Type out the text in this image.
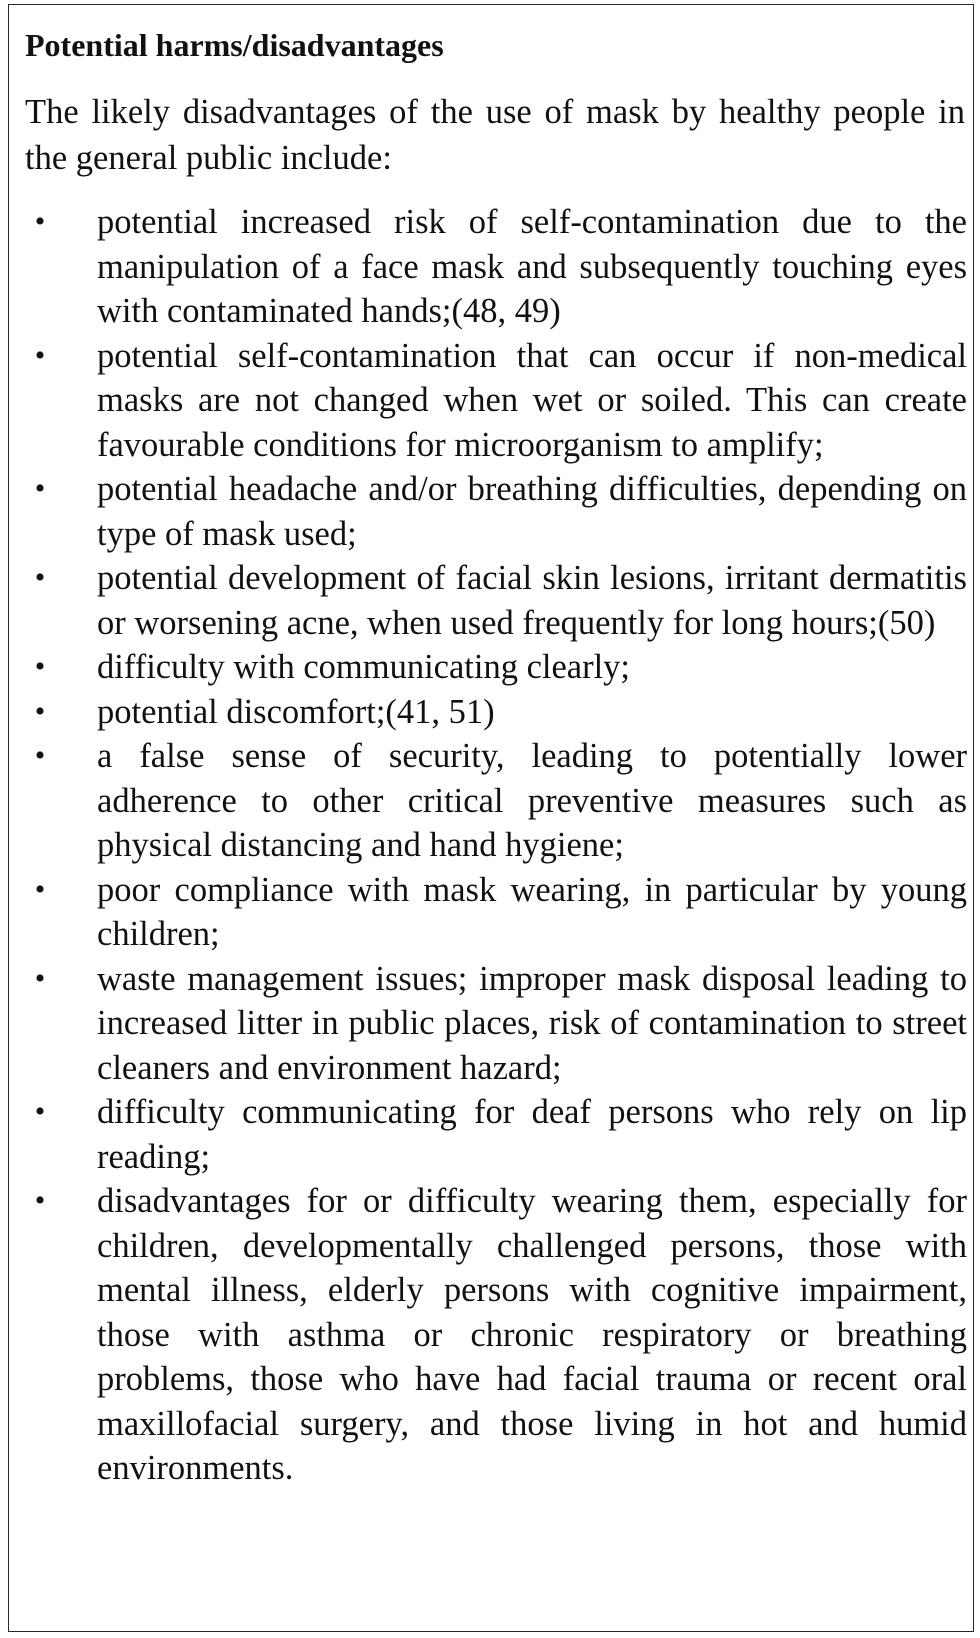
Potential harms/disadvantages

The likely disadvantages of the use of mask by healthy people in the general public include:

• potential increased risk of self-contamination due to the manipulation of a face mask and subsequently touching eyes with contaminated hands;(48, 49)
• potential self-contamination that can occur if non-medical masks are not changed when wet or soiled. This can create favourable conditions for microorganism to amplify;
• potential headache and/or breathing difficulties, depending on type of mask used;
• potential development of facial skin lesions, irritant dermatitis or worsening acne, when used frequently for long hours;(50)
• difficulty with communicating clearly;
• potential discomfort;(41, 51)
• a false sense of security, leading to potentially lower adherence to other critical preventive measures such as physical distancing and hand hygiene;
• poor compliance with mask wearing, in particular by young children;
• waste management issues; improper mask disposal leading to increased litter in public places, risk of contamination to street cleaners and environment hazard;
• difficulty communicating for deaf persons who rely on lip reading;
• disadvantages for or difficulty wearing them, especially for children, developmentally challenged persons, those with mental illness, elderly persons with cognitive impairment, those with asthma or chronic respiratory or breathing problems, those who have had facial trauma or recent oral maxillofacial surgery, and those living in hot and humid environments.
